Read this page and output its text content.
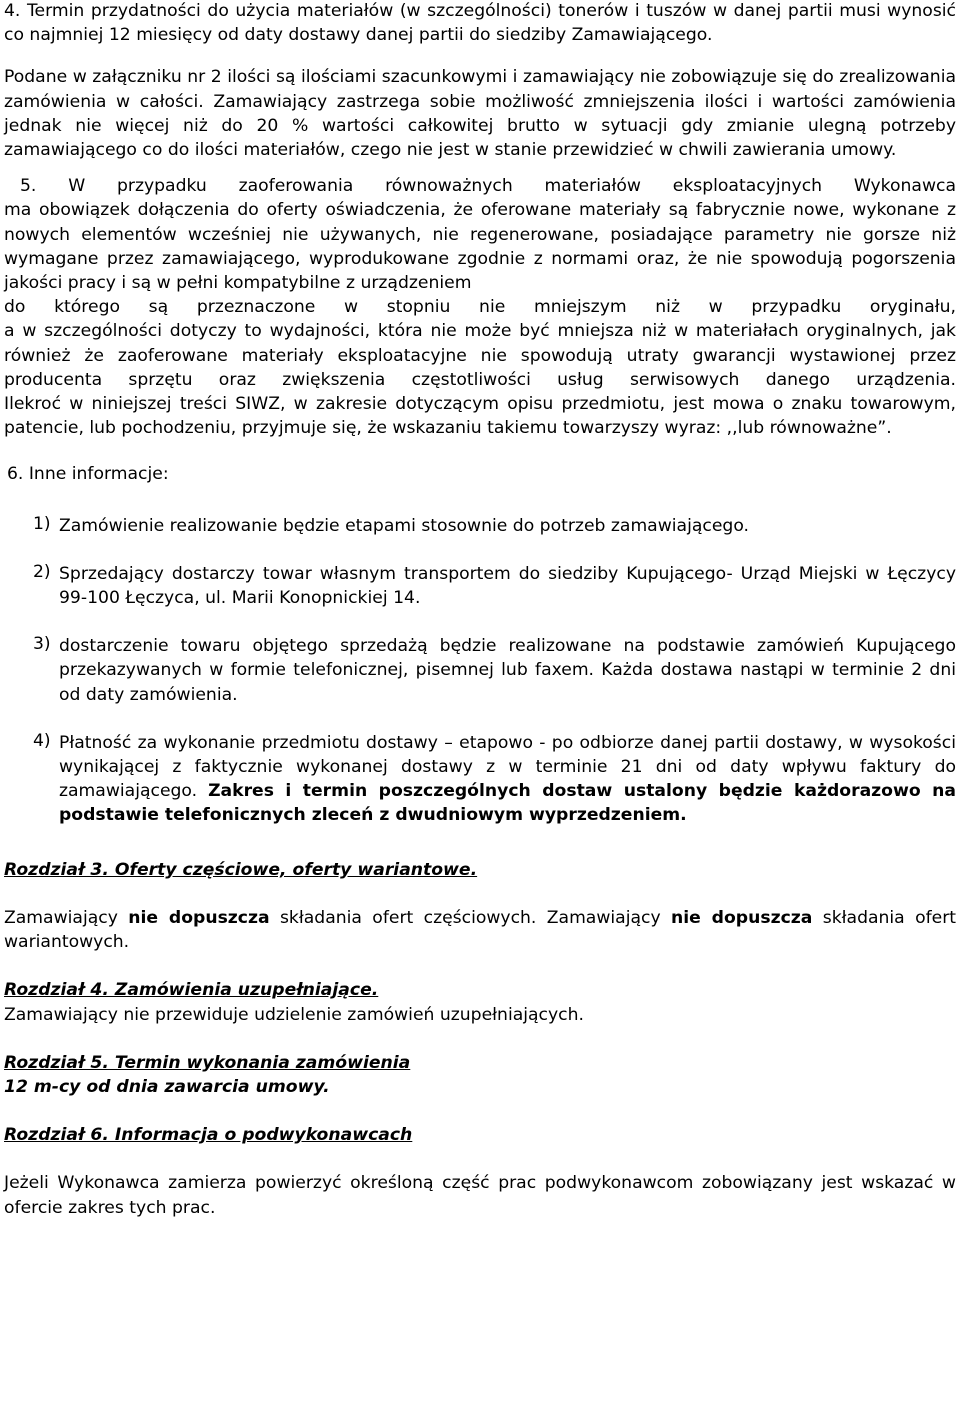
4. Termin przydatności do użycia materiałów (w szczególności) tonerów i tuszów w danej partii musi wynosić co najmniej 12 miesięcy od daty dostawy danej partii do siedziby Zamawiającego.

Podane w załączniku nr 2 ilości są ilościami szacunkowymi i zamawiający nie zobowiązuje się do zrealizowania zamówienia w całości. Zamawiający zastrzega sobie możliwość zmniejszenia ilości i wartości zamówienia jednak nie więcej niż do 20 % wartości całkowitej brutto w sytuacji gdy zmianie ulegną potrzeby zamawiającego co do ilości materiałów, czego nie jest w stanie przewidzieć w chwili zawierania umowy.

5. W przypadku zaoferowania równoważnych materiałów eksploatacyjnych Wykonawca

ma obowiązek dołączenia do oferty oświadczenia, że oferowane materiały są fabrycznie nowe, wykonane z nowych elementów wcześniej nie używanych, nie regenerowane, posiadające parametry nie gorsze niż wymagane przez zamawiającego, wyprodukowane zgodnie z normami oraz, że nie spowodują pogorszenia jakości pracy i są w pełni kompatybilne z urządzeniem

do którego są przeznaczone w stopniu nie mniejszym niż w przypadku oryginału,

a w szczególności dotyczy to wydajności, która nie może być mniejsza niż w materiałach oryginalnych, jak również że zaoferowane materiały eksploatacyjne nie spowodują utraty gwarancji wystawionej przez producenta sprzętu oraz zwiększenia częstotliwości usług serwisowych danego urządzenia.

Ilekroć w niniejszej treści SIWZ, w zakresie dotyczącym opisu przedmiotu, jest mowa o znaku towarowym, patencie, lub pochodzeniu, przyjmuje się, że wskazaniu takiemu towarzyszy wyraz: ,,lub równoważne”.

6. Inne informacje:

1) Zamówienie realizowanie będzie etapami stosownie do potrzeb zamawiającego.

2) Sprzedający dostarczy towar własnym transportem do siedziby Kupującego- Urząd Miejski w Łęczycy 99-100 Łęczyca, ul. Marii Konopnickiej 14.

3) dostarczenie towaru objętego sprzedażą będzie realizowane na podstawie zamówień Kupującego przekazywanych w formie telefonicznej, pisemnej lub faxem. Każda dostawa nastąpi w terminie 2 dni od daty zamówienia.

4) Płatność za wykonanie przedmiotu dostawy – etapowo - po odbiorze danej partii dostawy, w wysokości wynikającej z faktycznie wykonanej dostawy z w terminie 21 dni od daty wpływu faktury do zamawiającego. Zakres i termin poszczególnych dostaw ustalony będzie każdorazowo na podstawie telefonicznych zleceń z dwudniowym wyprzedzeniem.

Rozdział 3. Oferty częściowe, oferty wariantowe.

Zamawiający nie dopuszcza składania ofert częściowych. Zamawiający nie dopuszcza składania ofert wariantowych.

Rozdział 4. Zamówienia uzupełniające.

Zamawiający nie przewiduje udzielenie zamówień uzupełniających.

Rozdział 5. Termin wykonania zamówienia

12 m-cy od dnia zawarcia umowy.

Rozdział 6. Informacja o podwykonawcach

Jeżeli Wykonawca zamierza powierzyć określoną część prac podwykonawcom zobowiązany jest wskazać w ofercie zakres tych prac.
